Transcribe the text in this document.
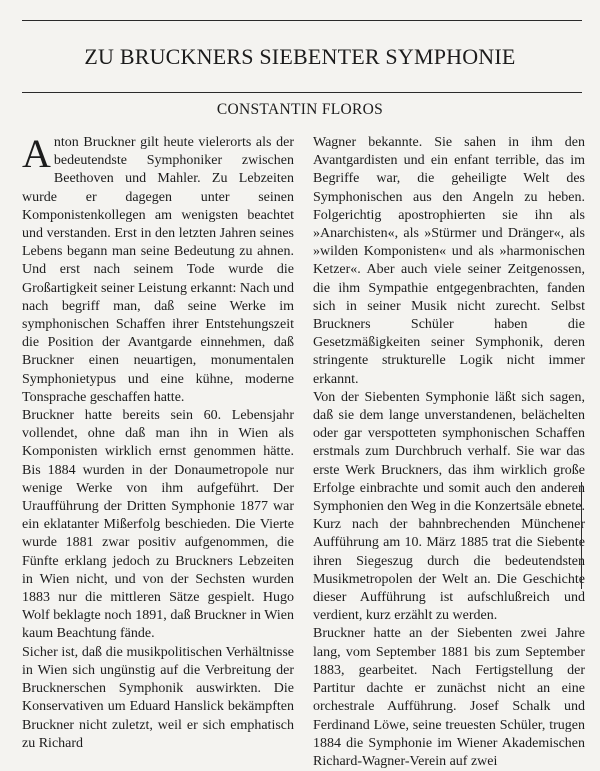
ZU BRUCKNERS SIEBENTER SYMPHONIE
CONSTANTIN FLOROS

Anton Bruckner gilt heute vielerorts als der bedeutendste Symphoniker zwischen Beethoven und Mahler. Zu Lebzeiten wurde er dagegen unter seinen Komponistenkollegen am wenigsten beachtet und verstanden. Erst in den letzten Jahren seines Lebens begann man seine Bedeutung zu ahnen. Und erst nach seinem Tode wurde die Großartigkeit seiner Leistung erkannt: Nach und nach begriff man, daß seine Werke im symphonischen Schaffen ihrer Entstehungszeit die Position der Avantgarde einnehmen, daß Bruckner einen neuartigen, monumentalen Symphonietypus und eine kühne, moderne Tonsprache geschaffen hatte.

Bruckner hatte bereits sein 60. Lebensjahr vollendet, ohne daß man ihn in Wien als Komponisten wirklich ernst genommen hätte. Bis 1884 wurden in der Donaumetropole nur wenige Werke von ihm aufgeführt. Der Uraufführung der Dritten Symphonie 1877 war ein eklatanter Mißerfolg beschieden. Die Vierte wurde 1881 zwar positiv aufgenommen, die Fünfte erklang jedoch zu Bruckners Lebzeiten in Wien nicht, und von der Sechsten wurden 1883 nur die mittleren Sätze gespielt. Hugo Wolf beklagte noch 1891, daß Bruckner in Wien kaum Beachtung fände.

Sicher ist, daß die musikpolitischen Verhältnisse in Wien sich ungünstig auf die Verbreitung der Brucknerschen Symphonik auswirkten. Die Konservativen um Eduard Hanslick bekämpften Bruckner nicht zuletzt, weil er sich emphatisch zu Richard

Wagner bekannte. Sie sahen in ihm den Avantgardisten und ein enfant terrible, das im Begriffe war, die geheiligte Welt des Symphonischen aus den Angeln zu heben. Folgerichtig apostrophierten sie ihn als »Anarchisten«, als »Stürmer und Dränger«, als »wilden Komponisten« und als »harmonischen Ketzer«. Aber auch viele seiner Zeitgenossen, die ihm Sympathie entgegenbrachten, fanden sich in seiner Musik nicht zurecht. Selbst Bruckners Schüler haben die Gesetzmäßigkeiten seiner Symphonik, deren stringente strukturelle Logik nicht immer erkannt.

Von der Siebenten Symphonie läßt sich sagen, daß sie dem lange unverstandenen, belächelten oder gar verspotteten symphonischen Schaffen erstmals zum Durchbruch verhalf. Sie war das erste Werk Bruckners, das ihm wirklich große Erfolge einbrachte und somit auch den anderen Symphonien den Weg in die Konzertsäle ebnete. Kurz nach der bahnbrechenden Münchener Aufführung am 10. März 1885 trat die Siebente ihren Siegeszug durch die bedeutendsten Musikmetropolen der Welt an. Die Geschichte dieser Aufführung ist aufschlußreich und verdient, kurz erzählt zu werden.

Bruckner hatte an der Siebenten zwei Jahre lang, vom September 1881 bis zum September 1883, gearbeitet. Nach Fertigstellung der Partitur dachte er zunächst nicht an eine orchestrale Aufführung. Josef Schalk und Ferdinand Löwe, seine treuesten Schüler, trugen 1884 die Symphonie im Wiener Akademischen Richard-Wagner-Verein auf zwei
